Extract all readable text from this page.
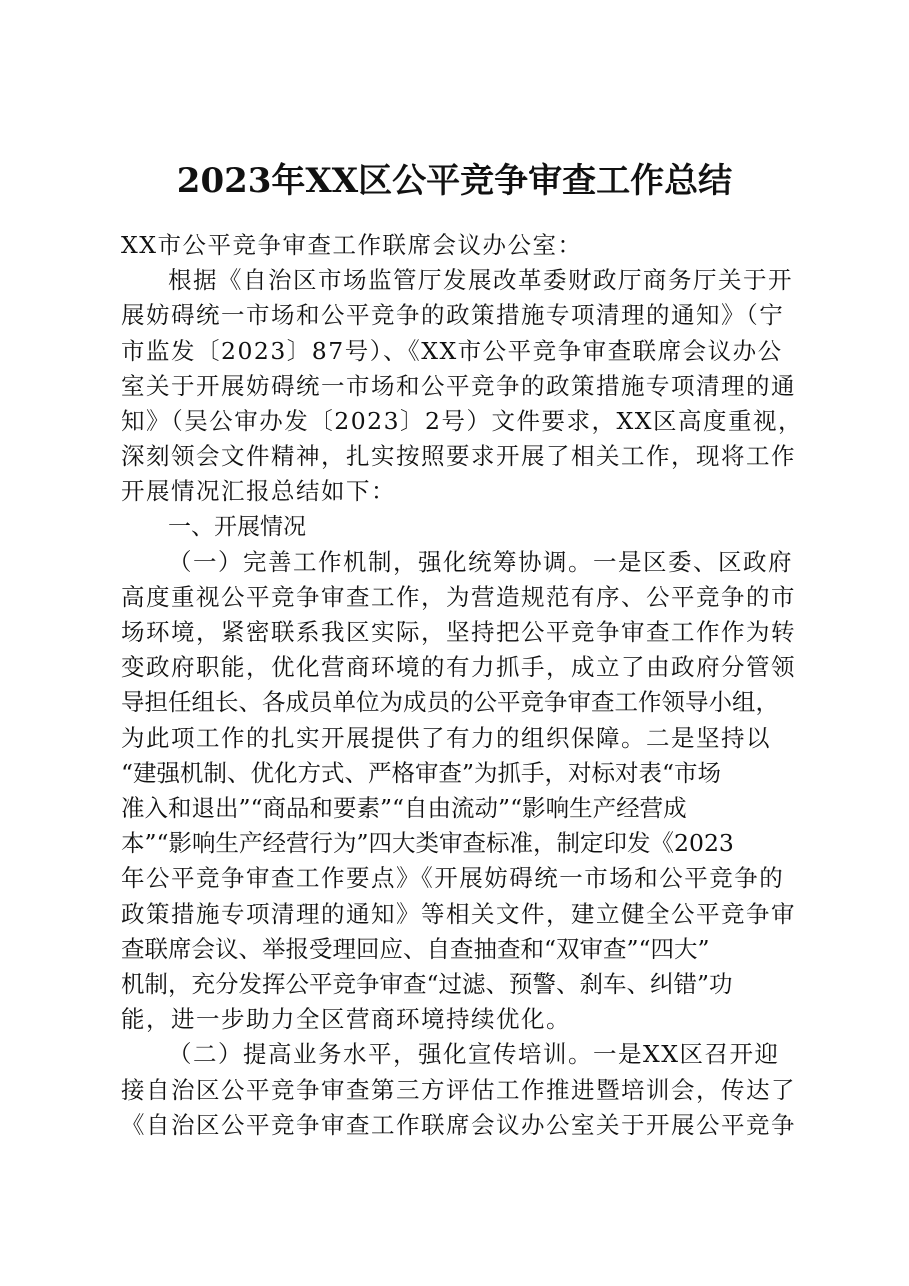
2023年XX区公平竞争审查工作总结
XX市公平竞争审查工作联席会议办公室：
根据《自治区市场监管厅发展改革委财政厅商务厅关于开
展妨碍统一市场和公平竞争的政策措施专项清理的通知》（宁
市监发〔2023〕87号）、《XX市公平竞争审查联席会议办公
室关于开展妨碍统一市场和公平竞争的政策措施专项清理的通
知》（吴公审办发〔2023〕2号）文件要求，XX区高度重视，
深刻领会文件精神，扎实按照要求开展了相关工作，现将工作
开展情况汇报总结如下：
一、开展情况
（一）完善工作机制，强化统筹协调。一是区委、区政府
高度重视公平竞争审查工作，为营造规范有序、公平竞争的市
场环境，紧密联系我区实际，坚持把公平竞争审查工作作为转
变政府职能，优化营商环境的有力抓手，成立了由政府分管领
导担任组长、各成员单位为成员的公平竞争审查工作领导小组，
为此项工作的扎实开展提供了有力的组织保障。二是坚持以
“建强机制、优化方式、严格审查”为抓手，对标对表“市场
准入和退出”“商品和要素”“自由流动”“影响生产经营成
本”“影响生产经营行为”四大类审查标准，制定印发《2023
年公平竞争审查工作要点》《开展妨碍统一市场和公平竞争的
政策措施专项清理的通知》等相关文件，建立健全公平竞争审
查联席会议、举报受理回应、自查抽查和“双审查”“四大”
机制，充分发挥公平竞争审查“过滤、预警、刹车、纠错”功
能，进一步助力全区营商环境持续优化。
（二）提高业务水平，强化宣传培训。一是XX区召开迎
接自治区公平竞争审查第三方评估工作推进暨培训会，传达了
《自治区公平竞争审查工作联席会议办公室关于开展公平竞争
